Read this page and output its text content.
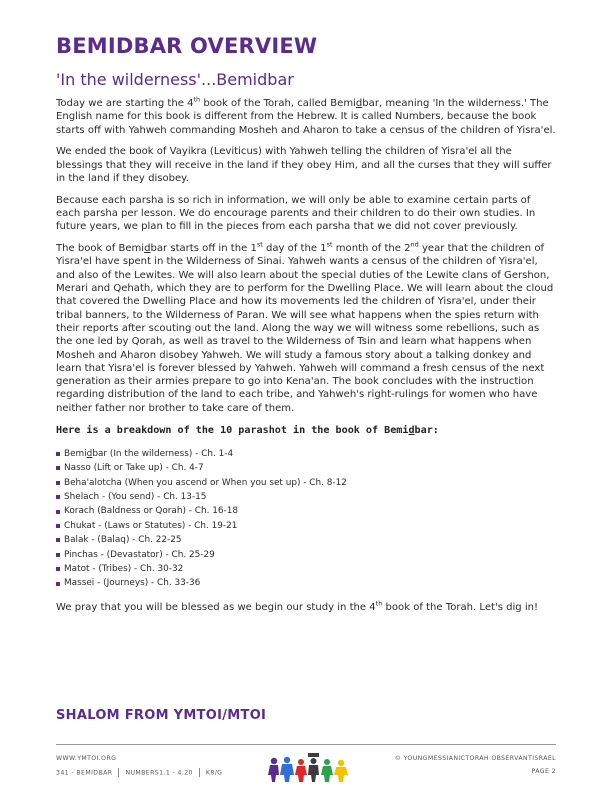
BEMIDBAR OVERVIEW
'In the wilderness'...Bemidbar

Today we are starting the 4th book of the Torah, called Bemidbar, meaning 'In the wilderness.' The English name for this book is different from the Hebrew. It is called Numbers, because the book starts off with Yahweh commanding Mosheh and Aharon to take a census of the children of Yisra'el.

We ended the book of Vayikra (Leviticus) with Yahweh telling the children of Yisra'el all the blessings that they will receive in the land if they obey Him, and all the curses that they will suffer in the land if they disobey.

Because each parsha is so rich in information, we will only be able to examine certain parts of each parsha per lesson. We do encourage parents and their children to do their own studies. In future years, we plan to fill in the pieces from each parsha that we did not cover previously.

The book of Bemidbar starts off in the 1st day of the 1st month of the 2nd year that the children of Yisra'el have spent in the Wilderness of Sinai. Yahweh wants a census of the children of Yisra'el, and also of the Lewites. We will also learn about the special duties of the Lewite clans of Gershon, Merari and Qehath, which they are to perform for the Dwelling Place. We will learn about the cloud that covered the Dwelling Place and how its movements led the children of Yisra'el, under their tribal banners, to the Wilderness of Paran. We will see what happens when the spies return with their reports after scouting out the land. Along the way we will witness some rebellions, such as the one led by Qorah, as well as travel to the Wilderness of Tsin and learn what happens when Mosheh and Aharon disobey Yahweh. We will study a famous story about a talking donkey and learn that Yisra'el is forever blessed by Yahweh. Yahweh will command a fresh census of the next generation as their armies prepare to go into Kena'an. The book concludes with the instruction regarding distribution of the land to each tribe, and Yahweh's right-rulings for women who have neither father nor brother to take care of them.

Here is a breakdown of the 10 parashot in the book of Bemidbar:
Bemi d bar (In the wilderness) - Ch. 1-4
Nasso (Lift or Take up) - Ch. 4-7
Beha'alotcha (When you ascend or When you set up) - Ch. 8-12
Shelach - (You send) - Ch. 13-15
Korach (Baldness or Qorah) - Ch. 16-18
Chukat - (Laws or Statutes) - Ch. 19-21
Balak - (Balaq) - Ch. 22-25
Pinchas - (Devastator) - Ch. 25-29
Matot - (Tribes) - Ch. 30-32
Massei - (Journeys) - Ch. 33-36

We pray that you will be blessed as we begin our study in the 4th book of the Torah. Let's dig in!

SHALOM FROM YMTOI/MTOI
WWW.YMTOI.ORG
341 - BEMIDBAR NUMBERS1.1 - 4.20 K8/G
© YOUNGMESSIANICTORAH OBSERVANTISRAEL
PAGE 2
